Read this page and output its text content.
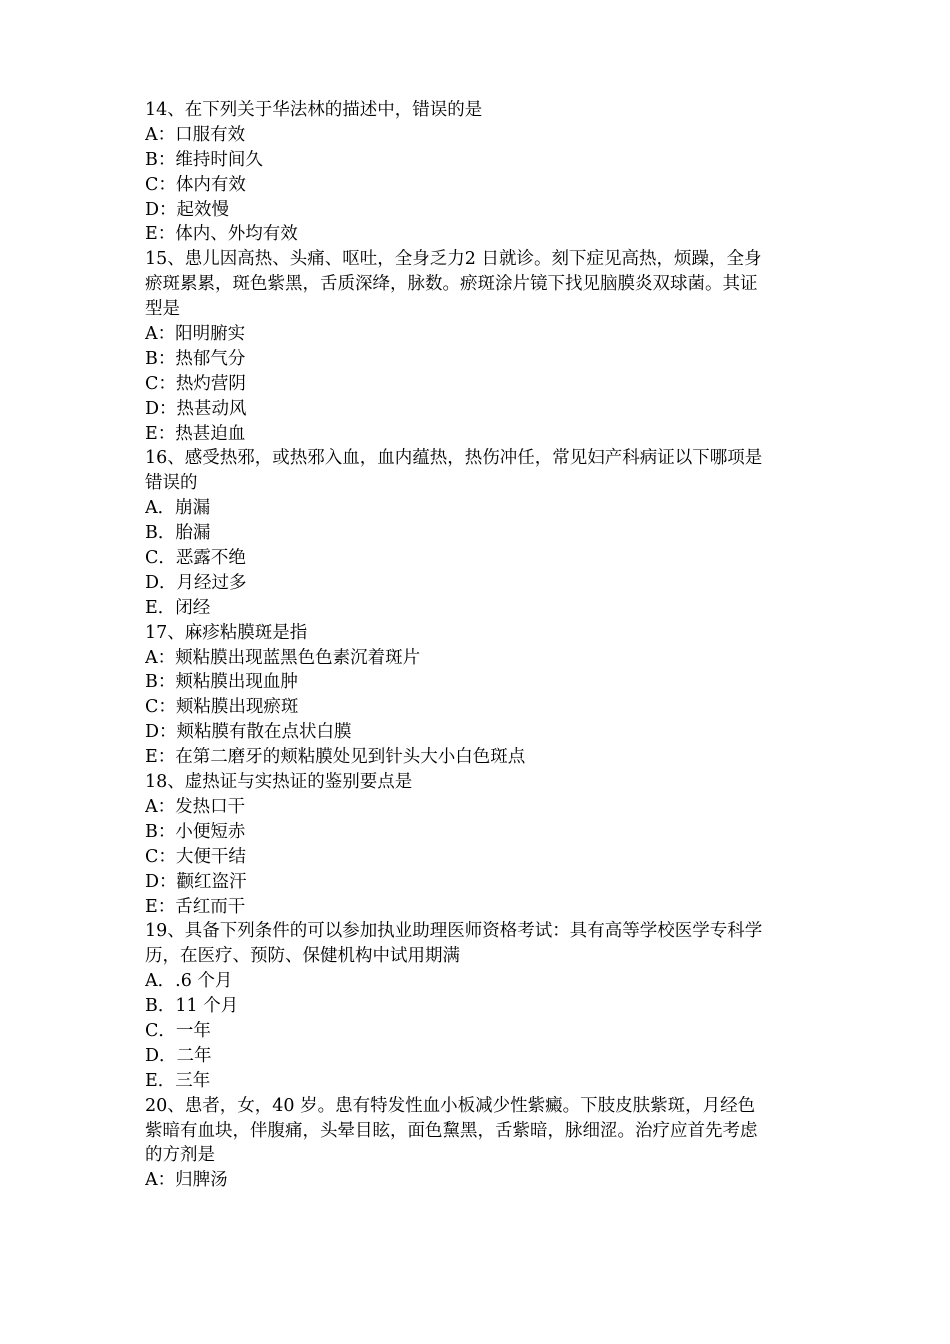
14、在下列关于华法林的描述中，错误的是
A：口服有效
B：维持时间久
C：体内有效
D：起效慢
E：体内、外均有效
15、患儿因高热、头痛、呕吐，全身乏力2 日就诊。刻下症见高热，烦躁，全身
瘀斑累累，斑色紫黑，舌质深绛，脉数。瘀斑涂片镜下找见脑膜炎双球菌。其证
型是
A：阳明腑实
B：热郁气分
C：热灼营阴
D：热甚动风
E：热甚迫血
16、感受热邪，或热邪入血，血内蕴热，热伤冲任，常见妇产科病证以下哪项是
错误的
A．崩漏
B．胎漏
C．恶露不绝
D．月经过多
E．闭经
17、麻疹粘膜斑是指
A：颊粘膜出现蓝黑色色素沉着斑片
B：颊粘膜出现血肿
C：颊粘膜出现瘀斑
D：颊粘膜有散在点状白膜
E：在第二磨牙的颊粘膜处见到针头大小白色斑点
18、虚热证与实热证的鉴别要点是
A：发热口干
B：小便短赤
C：大便干结
D：颧红盗汗
E：舌红而干
19、具备下列条件的可以参加执业助理医师资格考试：具有高等学校医学专科学
历，在医疗、预防、保健机构中试用期满
A．.6 个月
B．11 个月
C．一年
D．二年
E．三年
20、患者，女，40 岁。患有特发性血小板减少性紫癜。下肢皮肤紫斑，月经色
紫暗有血块，伴腹痛，头晕目眩，面色黧黑，舌紫暗，脉细涩。治疗应首先考虑
的方剂是
A：归脾汤
